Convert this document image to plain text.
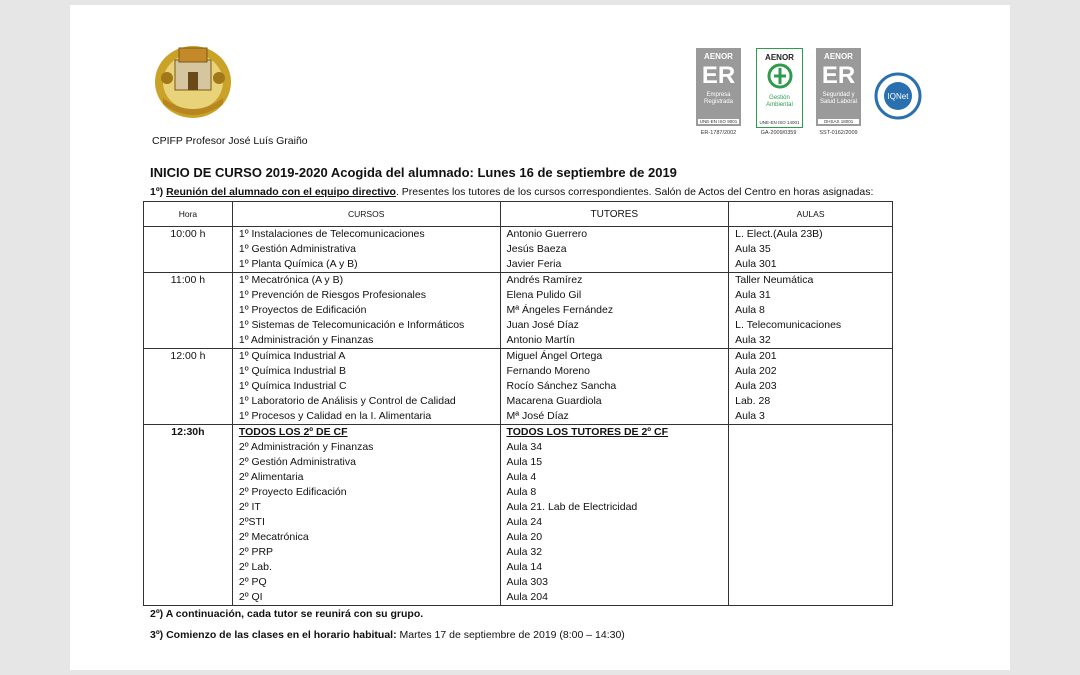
CPIFP Profesor José Luís Graiño
AENOR
ER
Empresa Registrada
UNE-EN ISO 9001
ER-1787/2002
AENOR
Gestión Ambiental
UNE-EN ISO 14001
GA-2009/0359
AENOR
ER
Seguridad y Salud Laboral
OHSAS 18001
SST-0162/2009
IQNet
INICIO DE CURSO 2019-2020 Acogida del alumnado: Lunes 16 de septiembre de 2019
1º) Reunión del alumnado con el equipo directivo. Presentes los tutores de los cursos correspondientes. Salón de Actos del Centro en horas asignadas:
Hora	CURSOS	TUTORES	AULAS
10:00 h	1º Instalaciones de Telecomunicaciones	Antonio Guerrero	L. Elect.(Aula 23B)
	1º Gestión Administrativa	Jesús Baeza	Aula 35
	1º Planta Química (A y B)	Javier Feria	Aula 301
11:00 h	1º Mecatrónica (A y B)	Andrés Ramírez	Taller Neumática
	1º Prevención de Riesgos Profesionales	Elena Pulido Gil	Aula 31
	1º Proyectos de Edificación	Mª Ángeles Fernández	Aula 8
	1º Sistemas de Telecomunicación e Informáticos	Juan José Díaz	L. Telecomunicaciones
	1º Administración y Finanzas	Antonio Martín	Aula 32
12:00 h	1º Química Industrial A	Miguel Ángel Ortega	Aula 201
	1º Química Industrial B	Fernando Moreno	Aula 202
	1º Química Industrial C	Rocío Sánchez Sancha	Aula 203
	1º Laboratorio de Análisis y Control de Calidad	Macarena Guardiola	Lab. 28
	1º Procesos y Calidad en la I. Alimentaria	Mª José Díaz	Aula 3
12:30h	TODOS LOS 2º DE CF	TODOS LOS TUTORES DE 2º CF	
	2º Administración y Finanzas	Aula 34	
	2º Gestión Administrativa	Aula 15	
	2º Alimentaria	Aula 4	
	2º Proyecto Edificación	Aula 8	
	2º IT	Aula 21. Lab de Electricidad	
	2ºSTI	Aula 24	
	2º Mecatrónica	Aula 20	
	2º PRP	Aula 32	
	2º Lab.	Aula 14	
	2º PQ	Aula 303	
	2º QI	Aula 204	
2º) A continuación, cada tutor se reunirá con su grupo.
3º) Comienzo de las clases en el horario habitual: Martes 17 de septiembre de 2019 (8:00 – 14:30)
